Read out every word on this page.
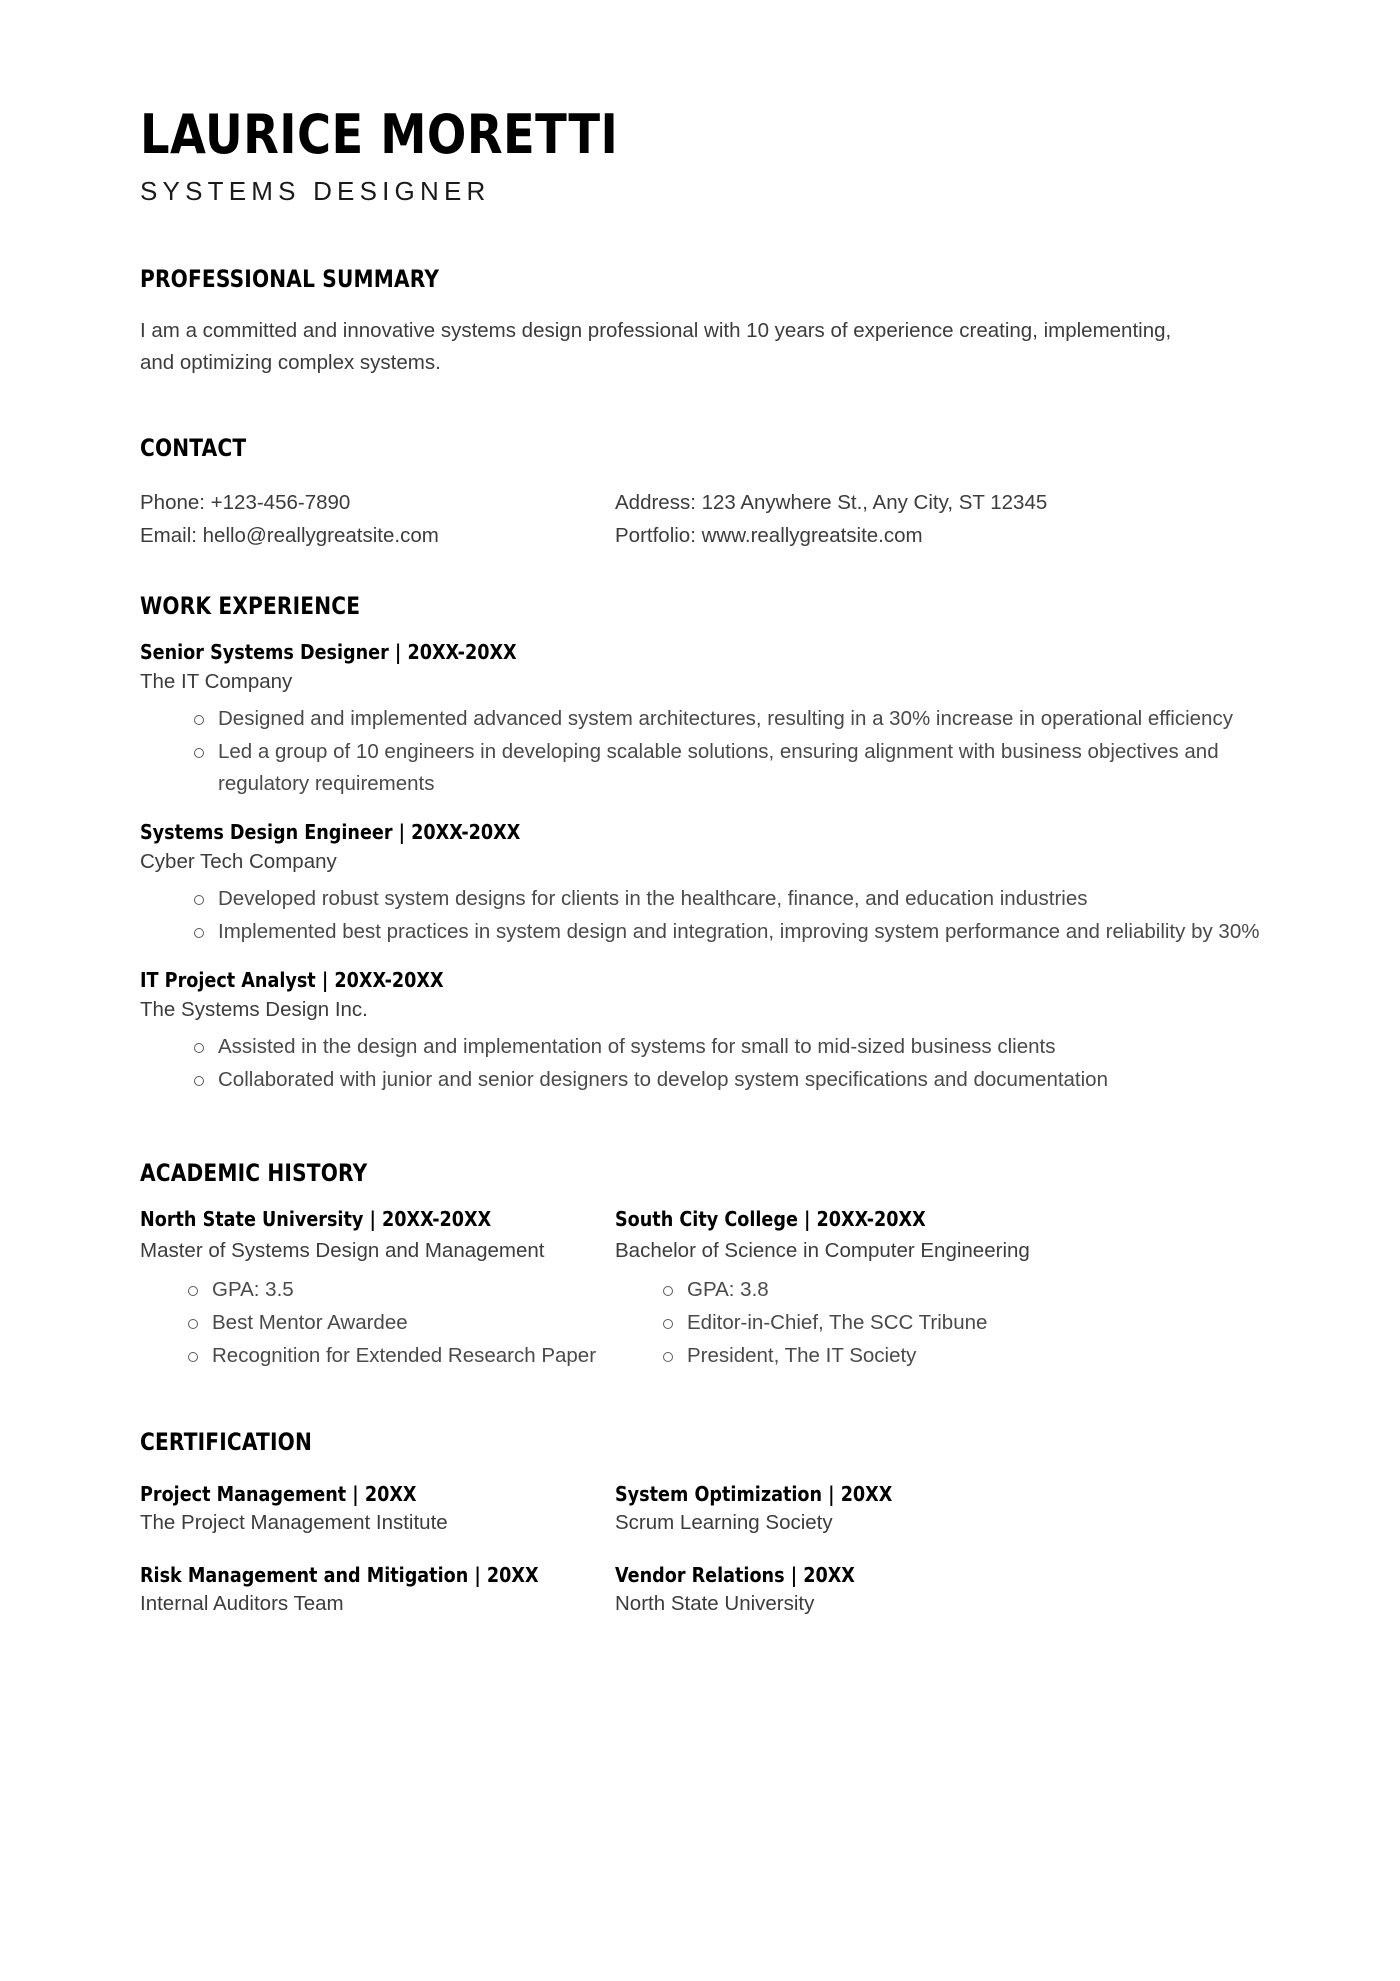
LAURICE MORETTI
SYSTEMS DESIGNER
PROFESSIONAL SUMMARY

I am a committed and innovative systems design professional with 10 years of experience creating, implementing, and optimizing complex systems.

CONTACT
Phone: +123-456-7890
Email: hello@reallygreatsite.com
Address: 123 Anywhere St., Any City, ST 12345
Portfolio: www.reallygreatsite.com
WORK EXPERIENCE
Senior Systems Designer | 20XX-20XX
The IT Company
Designed and implemented advanced system architectures, resulting in a 30% increase in operational efficiency
Led a group of 10 engineers in developing scalable solutions, ensuring alignment with business objectives and regulatory requirements
Systems Design Engineer | 20XX-20XX
Cyber Tech Company
Developed robust system designs for clients in the healthcare, finance, and education industries
Implemented best practices in system design and integration, improving system performance and reliability by 30%
IT Project Analyst | 20XX-20XX
The Systems Design Inc.
Assisted in the design and implementation of systems for small to mid-sized business clients
Collaborated with junior and senior designers to develop system specifications and documentation
ACADEMIC HISTORY
North State University | 20XX-20XX
Master of Systems Design and Management
GPA: 3.5
Best Mentor Awardee
Recognition for Extended Research Paper
South City College | 20XX-20XX
Bachelor of Science in Computer Engineering
GPA: 3.8
Editor-in-Chief, The SCC Tribune
President, The IT Society
CERTIFICATION
Project Management | 20XX
The Project Management Institute
Risk Management and Mitigation | 20XX
Internal Auditors Team
System Optimization | 20XX
Scrum Learning Society
Vendor Relations | 20XX
North State University
